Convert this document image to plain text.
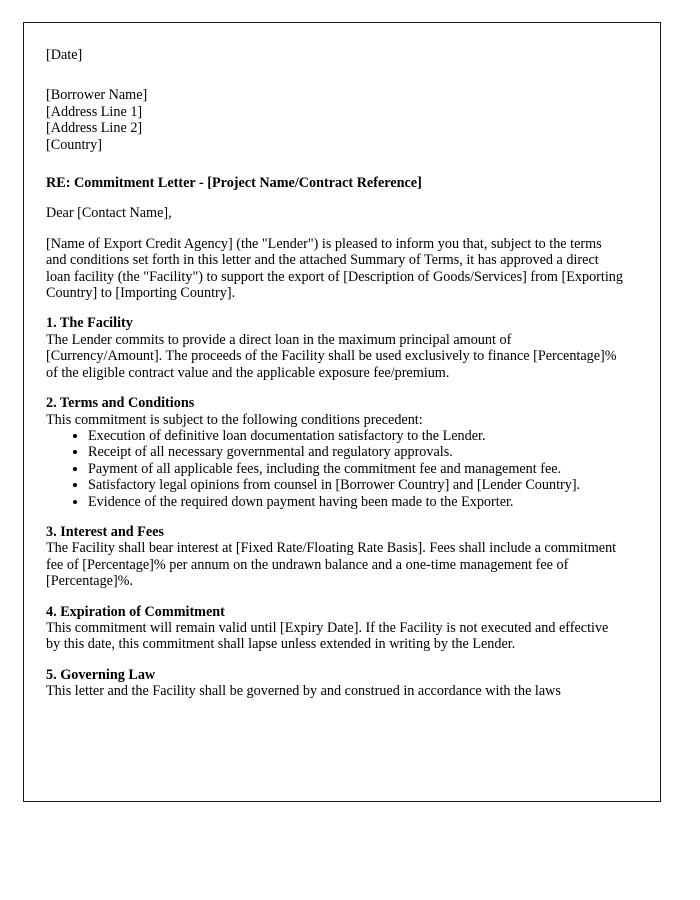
[Date]
[Borrower Name]
[Address Line 1]
[Address Line 2]
[Country]
RE: Commitment Letter - [Project Name/Contract Reference]
Dear [Contact Name],
[Name of Export Credit Agency] (the "Lender") is pleased to inform you that, subject to the terms and conditions set forth in this letter and the attached Summary of Terms, it has approved a direct loan facility (the "Facility") to support the export of [Description of Goods/Services] from [Exporting Country] to [Importing Country].
1. The Facility
The Lender commits to provide a direct loan in the maximum principal amount of [Currency/Amount]. The proceeds of the Facility shall be used exclusively to finance [Percentage]% of the eligible contract value and the applicable exposure fee/premium.
2. Terms and Conditions
This commitment is subject to the following conditions precedent:
• Execution of definitive loan documentation satisfactory to the Lender.
• Receipt of all necessary governmental and regulatory approvals.
• Payment of all applicable fees, including the commitment fee and management fee.
• Satisfactory legal opinions from counsel in [Borrower Country] and [Lender Country].
• Evidence of the required down payment having been made to the Exporter.
3. Interest and Fees
The Facility shall bear interest at [Fixed Rate/Floating Rate Basis]. Fees shall include a commitment fee of [Percentage]% per annum on the undrawn balance and a one-time management fee of [Percentage]%.
4. Expiration of Commitment
This commitment will remain valid until [Expiry Date]. If the Facility is not executed and effective by this date, this commitment shall lapse unless extended in writing by the Lender.
5. Governing Law
This letter and the Facility shall be governed by and construed in accordance with the laws
